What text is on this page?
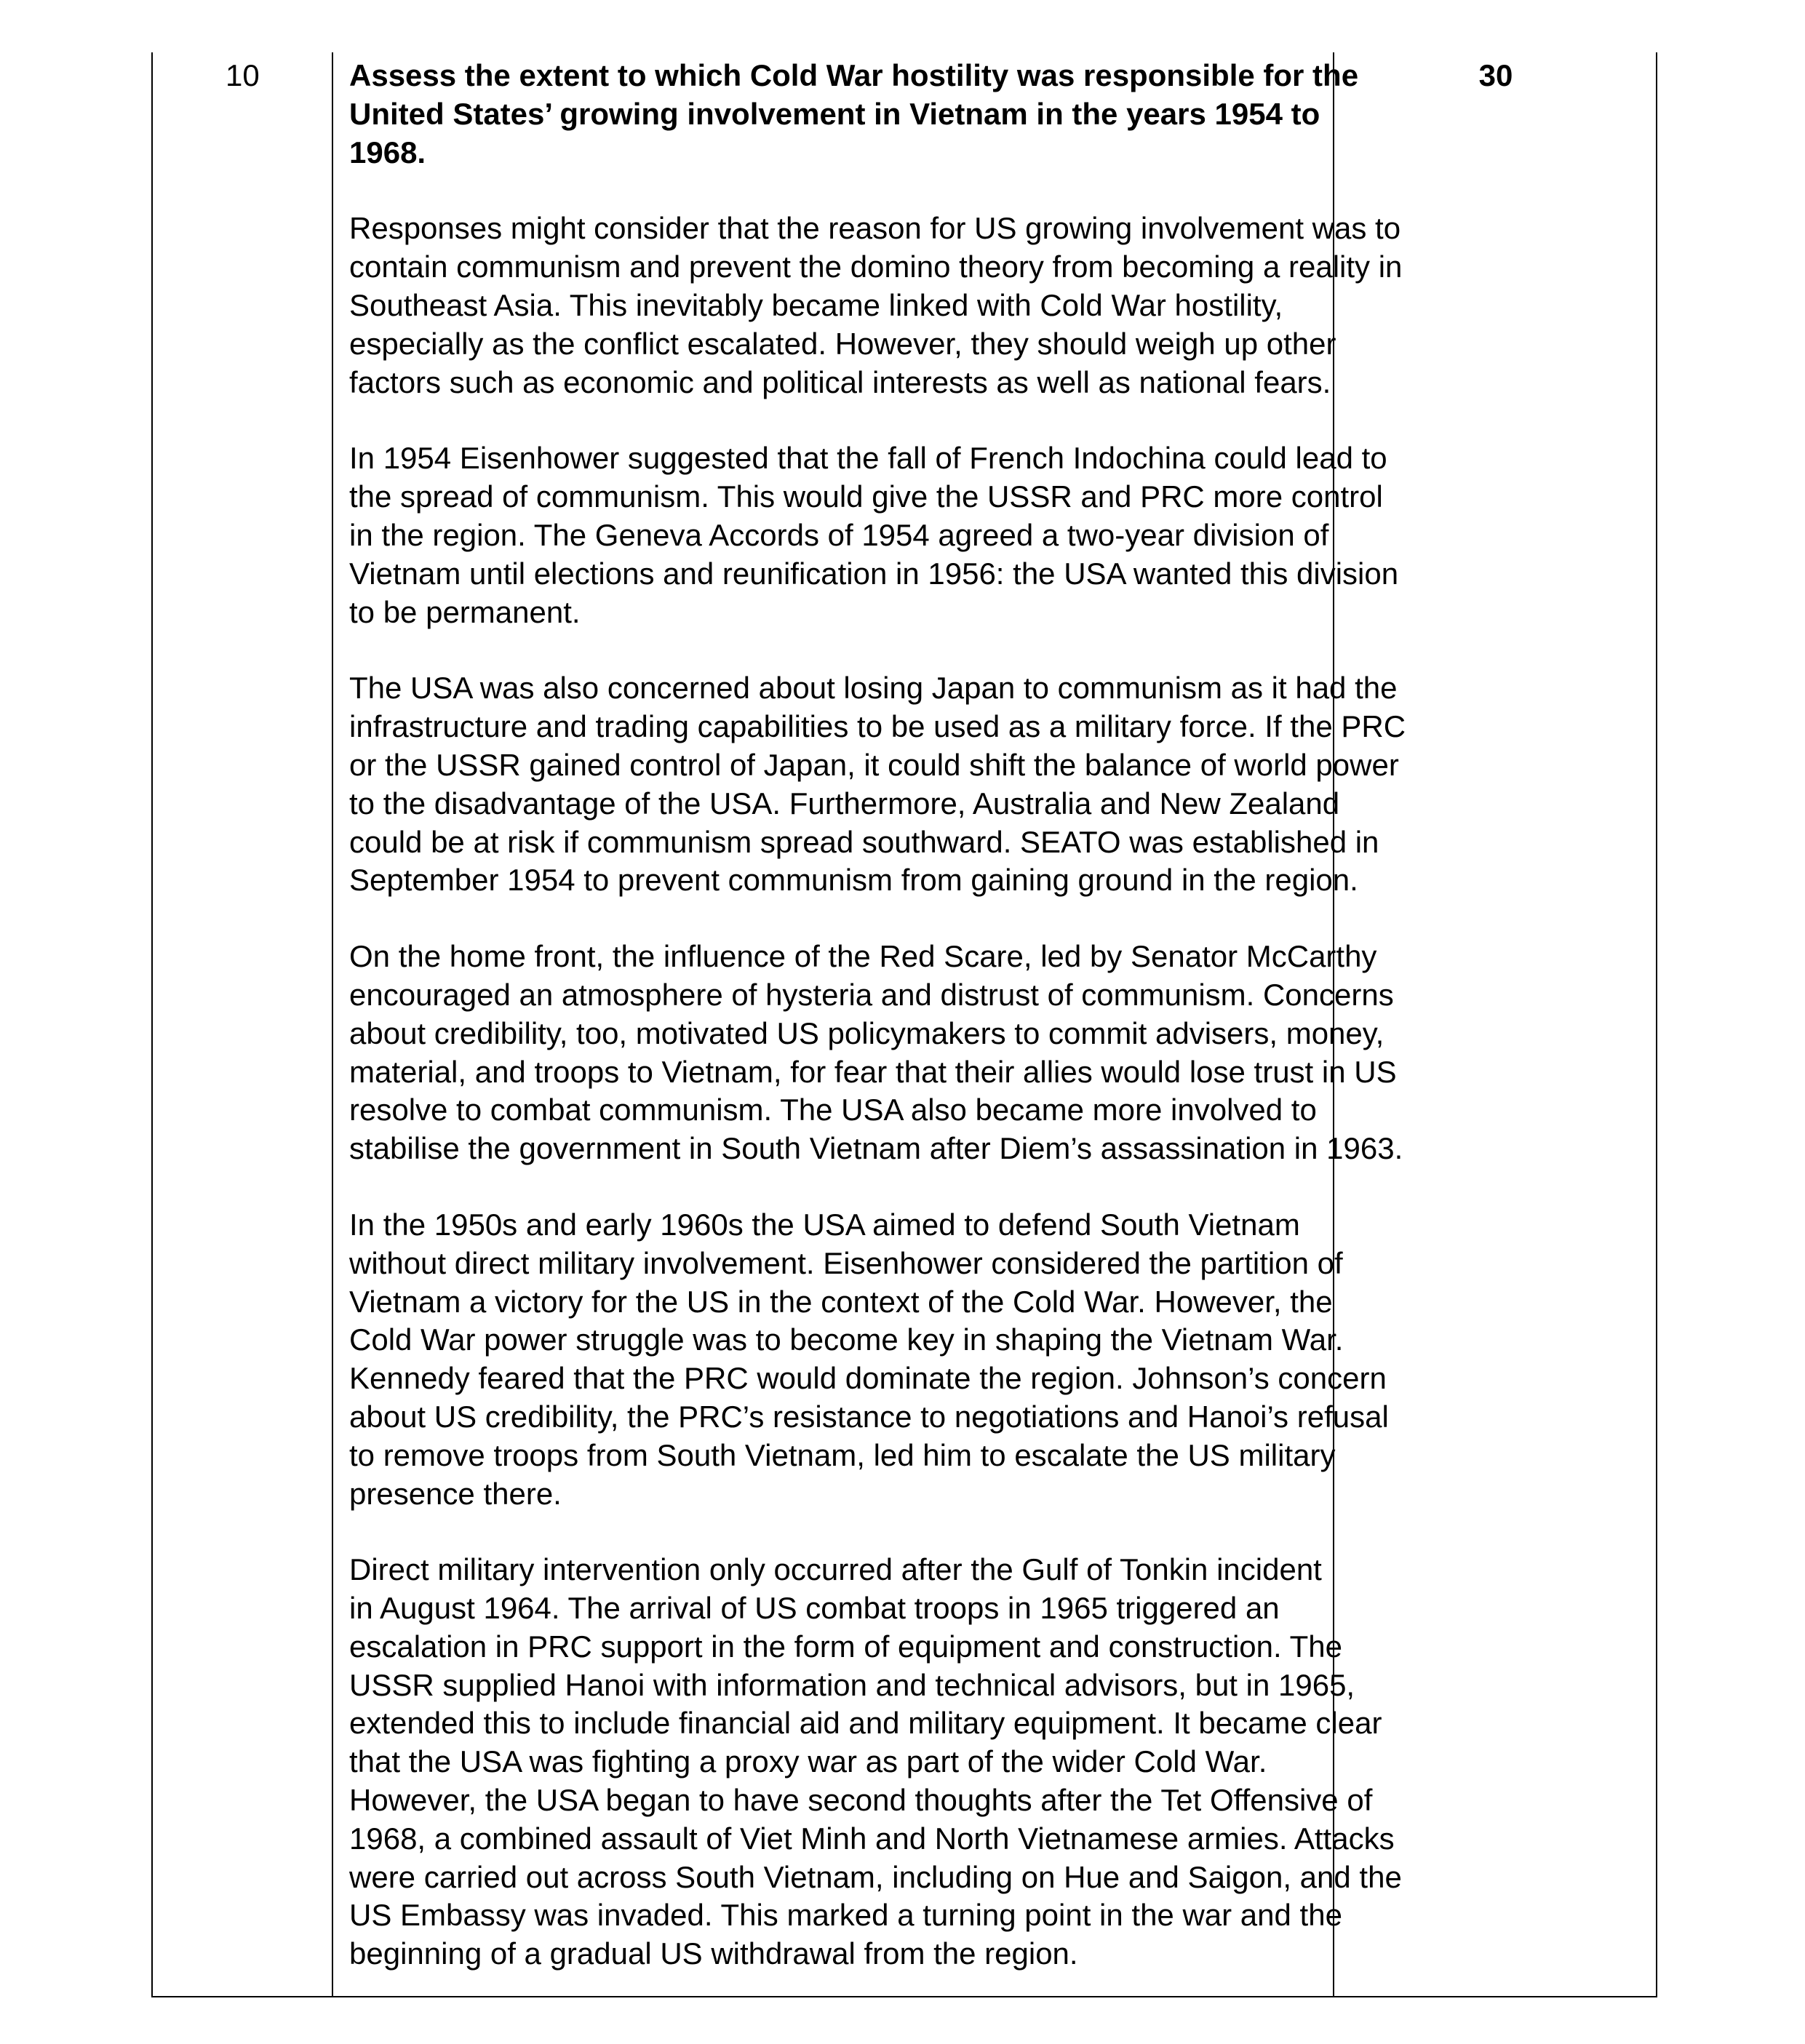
10	Assess the extent to which Cold War hostility was responsible for the
United States’ growing involvement in Vietnam in the years 1954 to
1968.

Responses might consider that the reason for US growing involvement was to
contain communism and prevent the domino theory from becoming a reality in
Southeast Asia. This inevitably became linked with Cold War hostility,
especially as the conflict escalated. However, they should weigh up other
factors such as economic and political interests as well as national fears.

In 1954 Eisenhower suggested that the fall of French Indochina could lead to
the spread of communism. This would give the USSR and PRC more control
in the region. The Geneva Accords of 1954 agreed a two-year division of
Vietnam until elections and reunification in 1956: the USA wanted this division
to be permanent.

The USA was also concerned about losing Japan to communism as it had the
infrastructure and trading capabilities to be used as a military force. If the PRC
or the USSR gained control of Japan, it could shift the balance of world power
to the disadvantage of the USA. Furthermore, Australia and New Zealand
could be at risk if communism spread southward. SEATO was established in
September 1954 to prevent communism from gaining ground in the region.

On the home front, the influence of the Red Scare, led by Senator McCarthy
encouraged an atmosphere of hysteria and distrust of communism. Concerns
about credibility, too, motivated US policymakers to commit advisers, money,
material, and troops to Vietnam, for fear that their allies would lose trust in US
resolve to combat communism. The USA also became more involved to
stabilise the government in South Vietnam after Diem’s assassination in 1963.

In the 1950s and early 1960s the USA aimed to defend South Vietnam
without direct military involvement. Eisenhower considered the partition of
Vietnam a victory for the US in the context of the Cold War. However, the
Cold War power struggle was to become key in shaping the Vietnam War.
Kennedy feared that the PRC would dominate the region. Johnson’s concern
about US credibility, the PRC’s resistance to negotiations and Hanoi’s refusal
to remove troops from South Vietnam, led him to escalate the US military
presence there.

Direct military intervention only occurred after the Gulf of Tonkin incident
in August 1964. The arrival of US combat troops in 1965 triggered an
escalation in PRC support in the form of equipment and construction. The
USSR supplied Hanoi with information and technical advisors, but in 1965,
extended this to include financial aid and military equipment. It became clear
that the USA was fighting a proxy war as part of the wider Cold War.
However, the USA began to have second thoughts after the Tet Offensive of
1968, a combined assault of Viet Minh and North Vietnamese armies. Attacks
were carried out across South Vietnam, including on Hue and Saigon, and the
US Embassy was invaded. This marked a turning point in the war and the
beginning of a gradual US withdrawal from the region.

30
